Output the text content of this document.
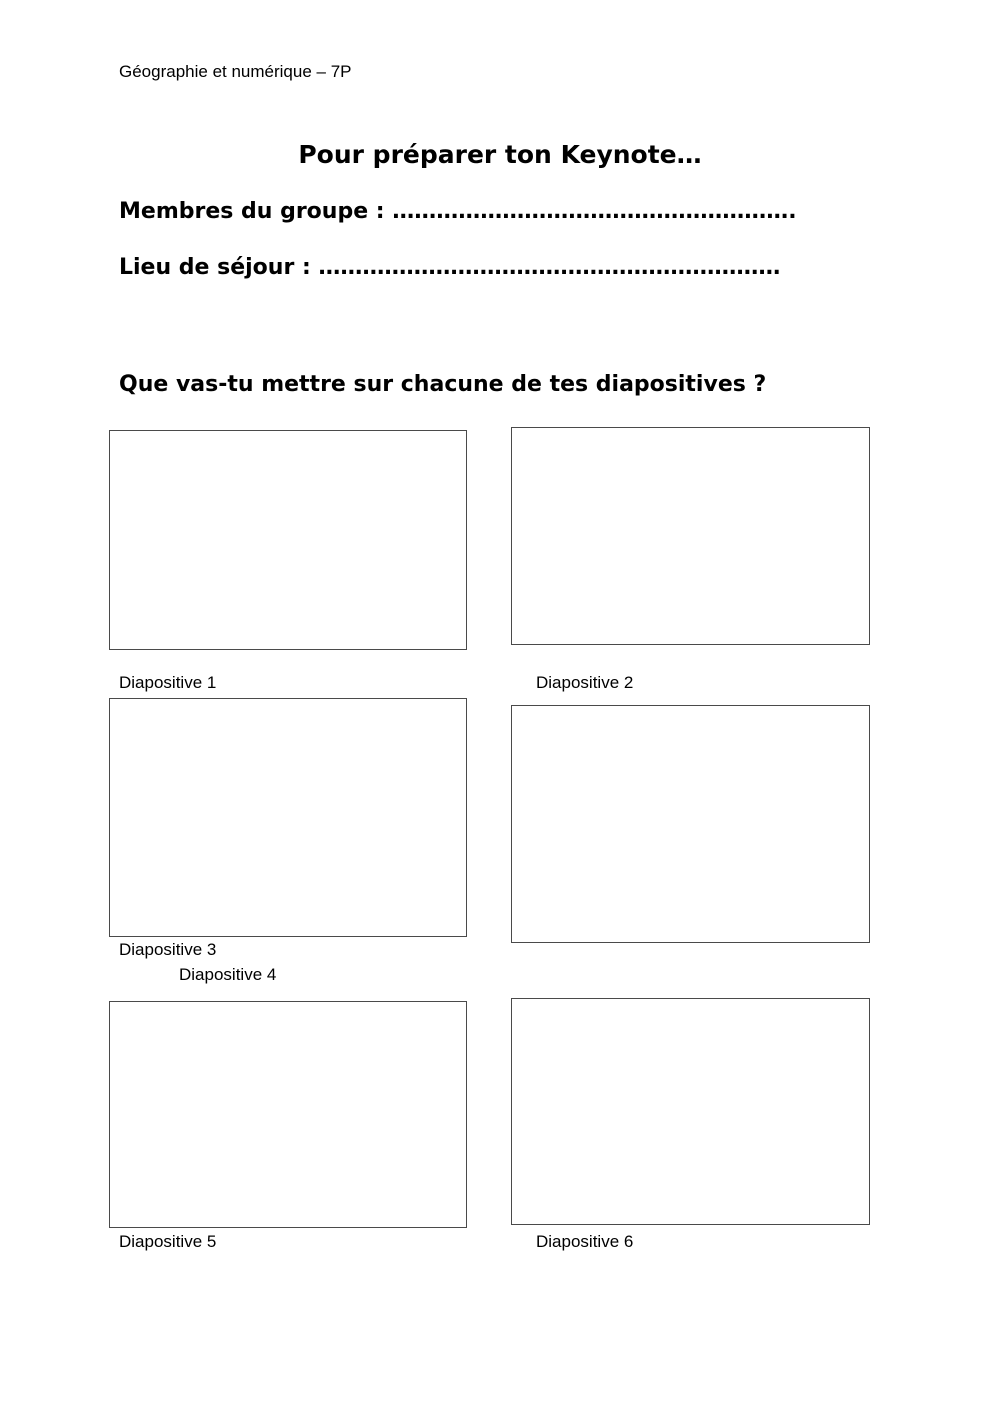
Géographie et numérique – 7P
Pour préparer ton Keynote…
Membres du groupe : ……………………………………………….
Lieu de séjour : ………………………………………………………
Que vas-tu mettre sur chacune de tes diapositives ?
Diapositive 1	Diapositive 2
Diapositive 3
Diapositive 4
Diapositive 5	Diapositive 6
